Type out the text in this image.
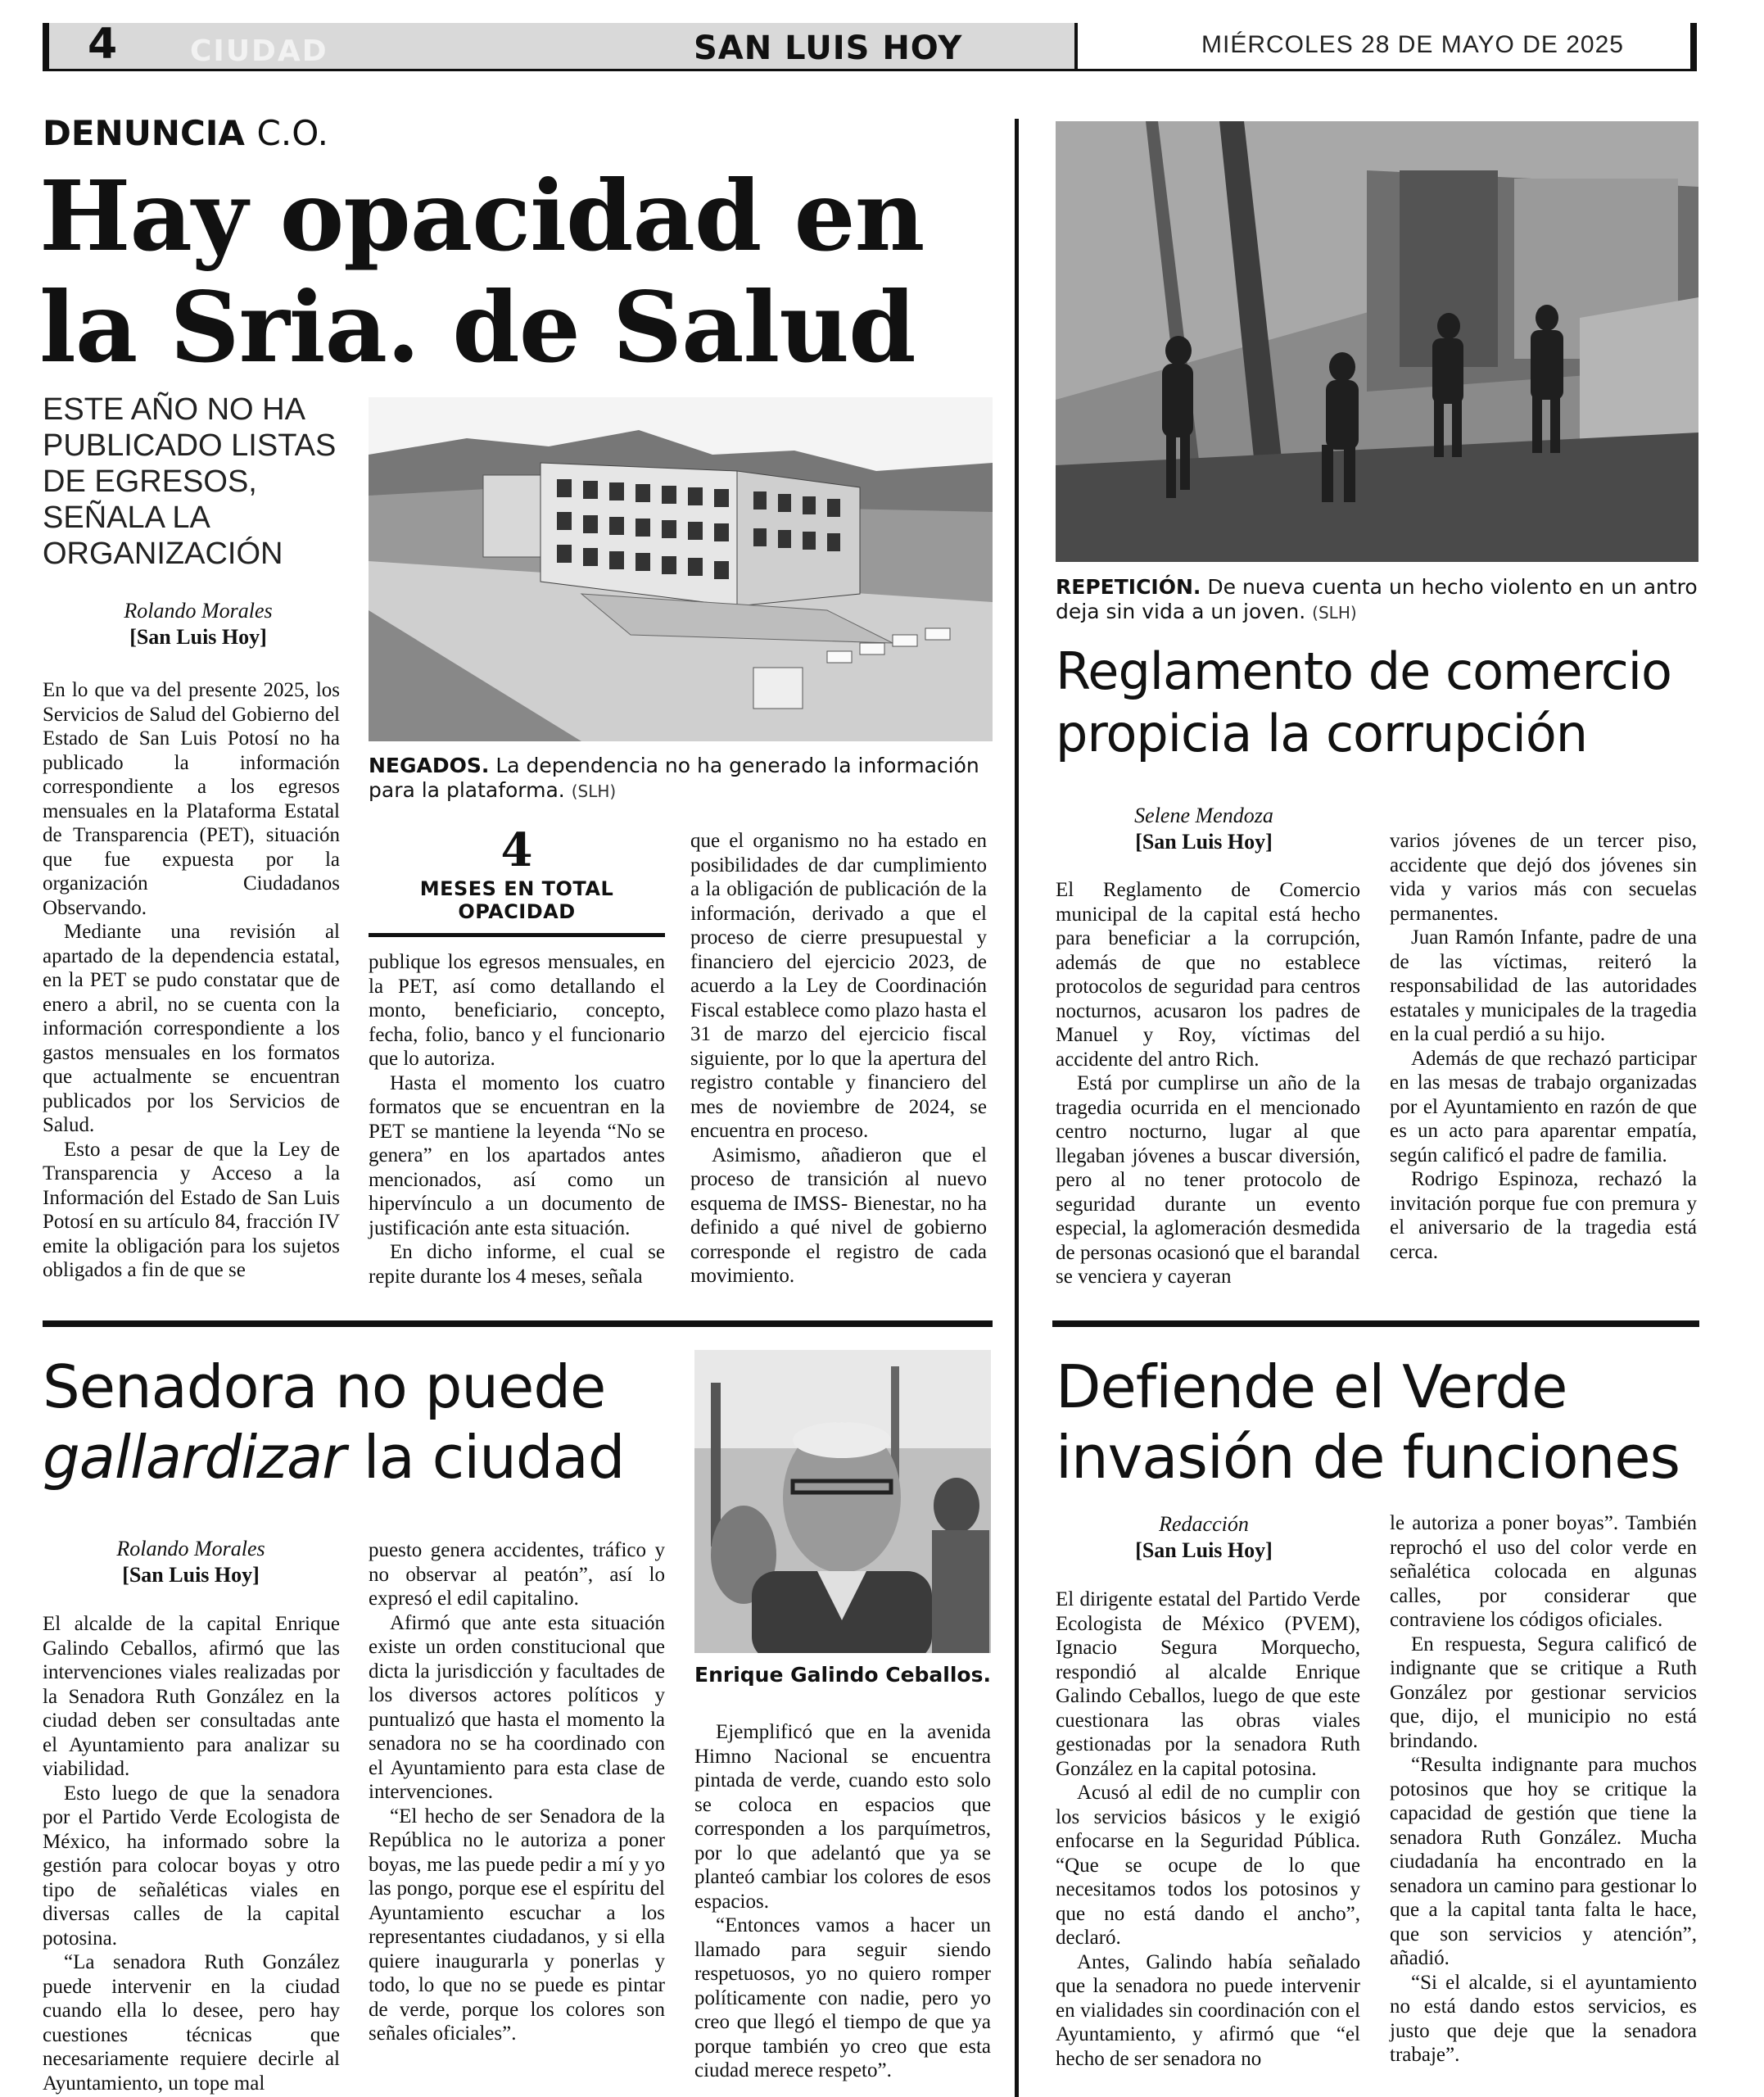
4 CIUDAD	SAN LUIS HOY	MIÉRCOLES 28 DE MAYO DE 2025
DENUNCIA C.O.
Hay opacidad en
la Sria. de Salud
ESTE AÑO NO HA PUBLICADO LISTAS DE EGRESOS, SEÑALA LA ORGANIZACIÓN
Rolando Morales
[San Luis Hoy]
NEGADOS. La dependencia no ha generado la información para la plataforma. (SLH)
4
MESES EN TOTAL OPACIDAD

En lo que va del presente 2025, los Servicios de Salud del Gobierno del Estado de San Luis Potosí no ha publicado la información correspondiente a los egresos mensuales en la Plataforma Estatal de Transparencia (PET), situación que fue expuesta por la organización Ciudadanos Observando.

Mediante una revisión al apartado de la dependencia estatal, en la PET se pudo constatar que de enero a abril, no se cuenta con la información correspondiente a los gastos mensuales en los formatos que actualmente se encuentran publicados por los Servicios de Salud.

Esto a pesar de que la Ley de Transparencia y Acceso a la Información del Estado de San Luis Potosí en su artículo 84, fracción IV emite la obligación para los sujetos obligados a fin de que se

publique los egresos mensuales, en la PET, así como detallando el monto, beneficiario, concepto, fecha, folio, banco y el funcionario que lo autoriza.

Hasta el momento los cuatro formatos que se encuentran en la PET se mantiene la leyenda “No se genera” en los apartados antes mencionados, así como un hipervínculo a un documento de justificación ante esta situación.

En dicho informe, el cual se repite durante los 4 meses, señala

que el organismo no ha estado en posibilidades de dar cumplimiento a la obligación de publicación de la información, derivado a que el proceso de cierre presupuestal y financiero del ejercicio 2023, de acuerdo a la Ley de Coordinación Fiscal establece como plazo hasta el 31 de marzo del ejercicio fiscal siguiente, por lo que la apertura del registro contable y financiero del mes de noviembre de 2024, se encuentra en proceso.

Asimismo, añadieron que el proceso de transición al nuevo esquema de IMSS- Bienestar, no ha definido a qué nivel de gobierno corresponde el registro de cada movimiento.

REPETICIÓN. De nueva cuenta un hecho violento en un antro deja sin vida a un joven. (SLH)
Reglamento de comercio propicia la corrupción
Selene Mendoza
[San Luis Hoy]

El Reglamento de Comercio municipal de la capital está hecho para beneficiar a la corrupción, además de que no establece protocolos de seguridad para centros nocturnos, acusaron los padres de Manuel y Roy, víctimas del accidente del antro Rich.

Está por cumplirse un año de la tragedia ocurrida en el mencionado centro nocturno, lugar al que llegaban jóvenes a buscar diversión, pero al no tener protocolo de seguridad durante un evento especial, la aglomeración desmedida de personas ocasionó que el barandal se venciera y cayeran

varios jóvenes de un tercer piso, accidente que dejó dos jóvenes sin vida y varios más con secuelas permanentes.

Juan Ramón Infante, padre de una de las víctimas, reiteró la responsabilidad de las autoridades estatales y municipales de la tragedia en la cual perdió a su hijo.

Además de que rechazó participar en las mesas de trabajo organizadas por el Ayuntamiento en razón de que es un acto para aparentar empatía, según calificó el padre de familia.

Rodrigo Espinoza, rechazó la invitación porque fue con premura y el aniversario de la tragedia está cerca.

Senadora no puede
gallardizar la ciudad
Rolando Morales
[San Luis Hoy]
Enrique Galindo Ceballos.

El alcalde de la capital Enrique Galindo Ceballos, afirmó que las intervenciones viales realizadas por la Senadora Ruth González en la ciudad deben ser consultadas ante el Ayuntamiento para analizar su viabilidad.

Esto luego de que la senadora por el Partido Verde Ecologista de México, ha informado sobre la gestión para colocar boyas y otro tipo de señaléticas viales en diversas calles de la capital potosina.

“La senadora Ruth González puede intervenir en la ciudad cuando ella lo desee, pero hay cuestiones técnicas que necesariamente requiere decirle al Ayuntamiento, un tope mal

puesto genera accidentes, tráfico y no observar al peatón”, así lo expresó el edil capitalino.

Afirmó que ante esta situación existe un orden constitucional que dicta la jurisdicción y facultades de los diversos actores políticos y puntualizó que hasta el momento la senadora no se ha coordinado con el Ayuntamiento para esta clase de intervenciones.

“El hecho de ser Senadora de la República no le autoriza a poner boyas, me las puede pedir a mí y yo las pongo, porque ese el espíritu del Ayuntamiento escuchar a los representantes ciudadanos, y si ella quiere inaugurarla y ponerlas y todo, lo que no se puede es pintar de verde, porque los colores son señales oficiales”.

Ejemplificó que en la avenida Himno Nacional se encuentra pintada de verde, cuando esto solo se coloca en espacios que corresponden a los parquímetros, por lo que adelantó que ya se planteó cambiar los colores de esos espacios.

“Entonces vamos a hacer un llamado para seguir siendo respetuosos, yo no quiero romper políticamente con nadie, pero yo creo que llegó el tiempo de que ya porque también yo creo que esta ciudad merece respeto”.

Defiende el Verde
invasión de funciones
Redacción
[San Luis Hoy]

El dirigente estatal del Partido Verde Ecologista de México (PVEM), Ignacio Segura Morquecho, respondió al alcalde Enrique Galindo Ceballos, luego de que este cuestionara las obras viales gestionadas por la senadora Ruth González en la capital potosina.

Acusó al edil de no cumplir con los servicios básicos y le exigió enfocarse en la Seguridad Pública. “Que se ocupe de lo que necesitamos todos los potosinos y que no está dando el ancho”, declaró.

Antes, Galindo había señalado que la senadora no puede intervenir en vialidades sin coordinación con el Ayuntamiento, y afirmó que “el hecho de ser senadora no

le autoriza a poner boyas”. También reprochó el uso del color verde en señalética colocada en algunas calles, por considerar que contraviene los códigos oficiales.

En respuesta, Segura calificó de indignante que se critique a Ruth González por gestionar servicios que, dijo, el municipio no está brindando.

“Resulta indignante para muchos potosinos que hoy se critique la capacidad de gestión que tiene la senadora Ruth González. Mucha ciudadanía ha encontrado en la senadora un camino para gestionar lo que a la capital tanta falta le hace, que son servicios y atención”, añadió.

“Si el alcalde, si el ayuntamiento no está dando estos servicios, es justo que deje que la senadora trabaje”.
